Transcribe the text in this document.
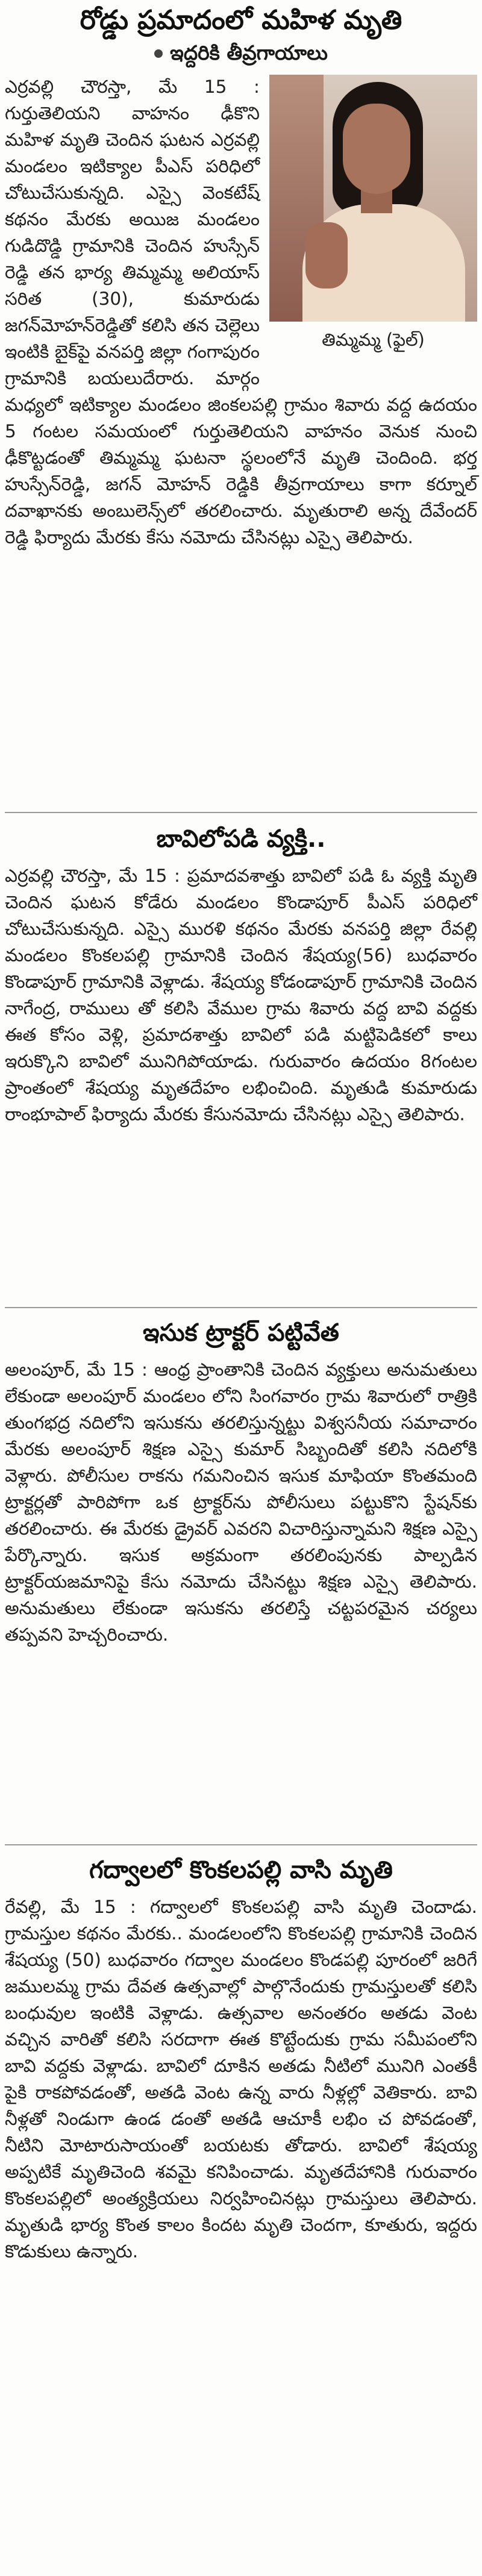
రోడ్డు ప్రమాదంలో మహిళ మృతి
ఇద్దరికి తీవ్రగాయాలు
తిమ్మమ్మ (ఫైల్)
ఎర్రవల్లి చౌరస్తా, మే 15 : గుర్తుతెలియని వాహనం ఢీకొని మహిళ మృతి చెందిన ఘటన ఎర్రవల్లి మండలం ఇటిక్యాల పీఎస్ పరిధిలో చోటుచేసుకున్నది. ఎస్సై వెంకటేష్ కథనం మేరకు అయిజ మండలం గుడిదొడ్డి గ్రామానికి చెందిన హుస్సేన్ రెడ్డి తన భార్య తిమ్మమ్మ అలియాస్ సరిత (30), కుమారుడు జగన్‌మోహన్‌రెడ్డితో కలిసి తన చెల్లెలు ఇంటికి బైక్‌పై వనపర్తి జిల్లా గంగాపురం గ్రామానికి బయలుదేరారు. మార్గం మధ్యలో ఇటిక్యాల మండలం జింకలపల్లి గ్రామం శివారు వద్ద ఉదయం 5 గంటల సమయంలో గుర్తుతెలియని వాహనం వెనుక నుంచి ఢీకొట్టడంతో తిమ్మమ్మ ఘటనా స్థలంలోనే మృతి చెందింది. భర్త హుస్సేన్‌రెడ్డి, జగన్ మోహన్ రెడ్డికి తీవ్రగాయాలు కాగా కర్నూల్ దవాఖానకు అంబులెన్స్‌లో తరలించారు. మృతురాలి అన్న దేవేందర్ రెడ్డి ఫిర్యాదు మేరకు కేసు నమోదు చేసినట్లు ఎస్సై తెలిపారు.
బావిలోపడి వ్యక్తి..

ఎర్రవల్లి చౌరస్తా, మే 15 : ప్రమాదవశాత్తు బావిలో పడి ఓ వ్యక్తి మృతి చెందిన ఘటన కోడేరు మండలం కొండాపూర్ పీఎస్ పరిధిలో చోటుచేసుకున్నది. ఎస్సై మురళి కథనం మేరకు వనపర్తి జిల్లా రేవల్లి మండలం కొంకలపల్లి గ్రామానికి చెందిన శేషయ్య(56) బుధవారం కొండాపూర్ గ్రామానికి వెళ్లాడు. శేషయ్య కోడండాపూర్ గ్రామానికి చెందిన నాగేంద్ర, రాములు తో కలిసి వేముల గ్రామ శివారు వద్ద బావి వద్దకు ఈత కోసం వెళ్లి, ప్రమాదశాత్తు బావిలో పడి మట్టిపెడికలో కాలు ఇరుక్కొని బావిలో మునిగిపోయాడు. గురువారం ఉదయం 8గంటల ప్రాంతంలో శేషయ్య మృతదేహం లభించింది. మృతుడి కుమారుడు రాంభూపాల్ ఫిర్యాదు మేరకు కేసునమోదు చేసినట్లు ఎస్సై తెలిపారు.

ఇసుక ట్రాక్టర్ పట్టివేత

అలంపూర్, మే 15 : ఆంధ్ర ప్రాంతానికి చెందిన వ్యక్తులు అనుమతులు లేకుండా అలంపూర్ మండలం లోని సింగవారం గ్రామ శివారులో రాత్రికి తుంగభద్ర నదిలోని ఇసుకను తరలిస్తున్నట్టు విశ్వసనీయ సమాచారం మేరకు అలంపూర్ శిక్షణ ఎస్సై కుమార్ సిబ్బందితో కలిసి నదిలోకి వెళ్లారు. పోలీసుల రాకను గమనించిన ఇసుక మాఫియా కొంతమంది ట్రాక్టర్లతో పారిపోగా ఒక ట్రాక్టర్‌ను పోలీసులు పట్టుకొని స్టేషన్‌కు తరలించారు. ఈ మేరకు డ్రైవర్ ఎవరని విచారిస్తున్నామని శిక్షణ ఎస్సై పేర్కొన్నారు. ఇసుక అక్రమంగా తరలింపునకు పాల్పడిన ట్రాక్టర్‌యజమానిపై కేసు నమోదు చేసినట్టు శిక్షణ ఎస్సై తెలిపారు. అనుమతులు లేకుండా ఇసుకను తరలిస్తే చట్టపరమైన చర్యలు తప్పవని హెచ్చరించారు.

గద్వాలలో కొంకలపల్లి వాసి మృతి

రేవల్లి, మే 15 : గద్వాలలో కొంకలపల్లి వాసి మృతి చెందాడు. గ్రామస్తుల కథనం మేరకు.. మండలంలోని కొంకలపల్లి గ్రామానికి చెందిన శేషయ్య (50) బుధవారం గద్వాల మండలం కొండపల్లి పూరంలో జరిగే జములమ్మ గ్రామ దేవత ఉత్సవాల్లో పాల్గొనేందుకు గ్రామస్తులతో కలిసి బంధువుల ఇంటికి వెళ్లాడు. ఉత్సవాల అనంతరం అతడు వెంట వచ్చిన వారితో కలిసి సరదాగా ఈత కొట్టేందుకు గ్రామ సమీపంలోని బావి వద్దకు వెళ్లాడు. బావిలో దూకిన అతడు నీటిలో మునిగి ఎంతకీ పైకి రాకపోవడంతో, అతడి వెంట ఉన్న వారు నీళ్లల్లో వెతికారు. బావి నీళ్లతో నిండుగా ఉండ డంతో అతడి ఆచూకీ లభిం చ పోవడంతో, నీటిని మోటారుసాయంతో బయటకు తోడారు. బావిలో శేషయ్య అప్పటికే మృతిచెంది శవమై కనిపించాడు. మృతదేహానికి గురువారం కొంకలపల్లిలో అంత్యక్రియలు నిర్వహించినట్లు గ్రామస్తులు తెలిపారు. మృతుడి భార్య కొంత కాలం కిందట మృతి చెందగా, కూతురు, ఇద్దరు కొడుకులు ఉన్నారు.
